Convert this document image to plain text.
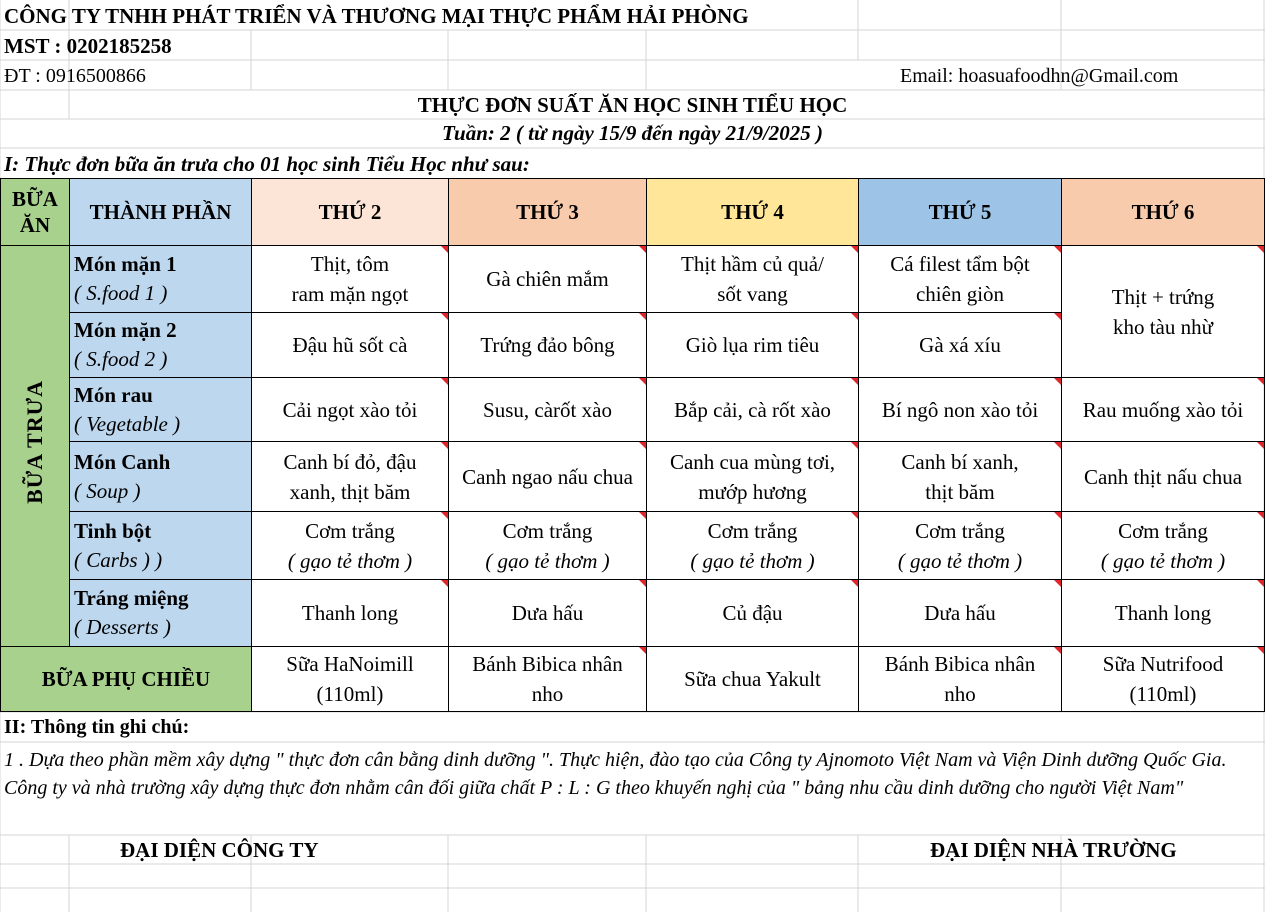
CÔNG TY TNHH PHÁT TRIỂN VÀ THƯƠNG MẠI THỰC PHẨM HẢI PHÒNG
MST : 0202185258
ĐT : 0916500866	Email: hoasuafoodhn@Gmail.com
THỰC ĐƠN SUẤT ĂN HỌC SINH TIỂU HỌC
Tuần: 2 ( từ ngày 15/9 đến ngày 21/9/2025 )
I: Thực đơn bữa ăn trưa cho 01 học sinh Tiểu Học như sau:
BỮA
ĂN	THÀNH PHẦN	THỨ 2	THỨ 3	THỨ 4	THỨ 5	THỨ 6
BỮA TRƯA	Món mặn 1
( S.food 1 )	Thịt, tôm
ram mặn ngọt	Gà chiên mắm	Thịt hầm củ quả/
sốt vang	Cá filest tẩm bột
chiên giòn	Thịt + trứng
kho tàu nhừ

	Món mặn 2
( S.food 2 )	Đậu hũ sốt cà	Trứng đảo bông	Giò lụa rim tiêu	Gà xá xíu	

	Món rau
( Vegetable )	Cải ngọt xào tỏi	Susu, càrốt xào	Bắp cải, cà rốt xào	Bí ngô non xào tỏi	Rau muống xào tỏi

	Món Canh
( Soup )	Canh bí đỏ, đậu
xanh, thịt băm	Canh ngao nấu chua	Canh cua mùng tơi,
mướp hương	Canh bí xanh,
thịt băm	Canh thịt nấu chua

	Tinh bột
( Carbs ) )	Cơm trắng
( gạo tẻ thơm )	Cơm trắng
( gạo tẻ thơm )	Cơm trắng
( gạo tẻ thơm )	Cơm trắng
( gạo tẻ thơm )	Cơm trắng
( gạo tẻ thơm )

	Tráng miệng
( Desserts )	Thanh long	Dưa hấu	Củ đậu	Dưa hấu	Thanh long
BỮA PHỤ CHIỀU		Sữa HaNoimill
(110ml)	Bánh Bibica nhân
nho	Sữa chua Yakult	Bánh Bibica nhân
nho	Sữa Nutrifood
(110ml)
II: Thông tin ghi chú:
1 . Dựa theo phần mềm xây dựng " thực đơn cân bằng dinh dưỡng ". Thực hiện, đào tạo của Công ty Ajnomoto Việt Nam và Viện Dinh dưỡng Quốc Gia. Công ty và nhà trường xây dựng thực đơn nhằm cân đối giữa chất P : L : G theo khuyến nghị của " bảng nhu cầu dinh dưỡng cho người Việt Nam"
ĐẠI DIỆN CÔNG TY	ĐẠI DIỆN NHÀ TRƯỜNG
